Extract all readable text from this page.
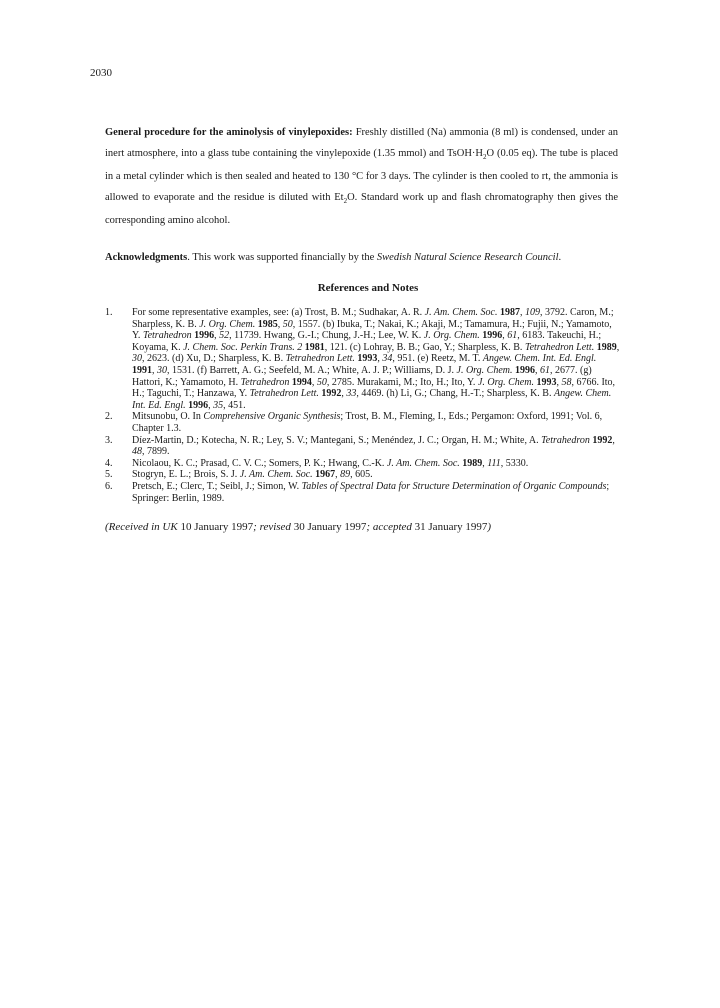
2030
General procedure for the aminolysis of vinylepoxides: Freshly distilled (Na) ammonia (8 ml) is condensed, under an inert atmosphere, into a glass tube containing the vinylepoxide (1.35 mmol) and $TsOH\cdot H_2O$ (0.05 eq). The tube is placed in a metal cylinder which is then sealed and heated to 130 °C for 3 days. The cylinder is then cooled to rt, the ammonia is allowed to evaporate and the residue is diluted with $Et_2O$. Standard work up and flash chromatography then gives the corresponding amino alcohol.
Acknowledgments. This work was supported financially by the Swedish Natural Science Research Council.
References and Notes
1.	For some representative examples, see: (a) Trost, B. M.; Sudhakar, A. R. J. Am. Chem. Soc. 1987, 109, 3792. Caron, M.; Sharpless, K. B. J. Org. Chem. 1985, 50, 1557. (b) Ibuka, T.; Nakai, K.; Akaji, M.; Tamamura, H.; Fujii, N.; Yamamoto, Y. Tetrahedron 1996, 52, 11739. Hwang, G.-I.; Chung, J.-H.; Lee, W. K. J. Org. Chem. 1996, 61, 6183. Takeuchi, H.; Koyama, K. J. Chem. Soc. Perkin Trans. 2 1981, 121. (c) Lohray, B. B.; Gao, Y.; Sharpless, K. B. Tetrahedron Lett. 1989, 30, 2623. (d) Xu, D.; Sharpless, K. B. Tetrahedron Lett. 1993, 34, 951. (e) Reetz, M. T. Angew. Chem. Int. Ed. Engl. 1991, 30, 1531. (f) Barrett, A. G.; Seefeld, M. A.; White, A. J. P.; Williams, D. J. J. Org. Chem. 1996, 61, 2677. (g) Hattori, K.; Yamamoto, H. Tetrahedron 1994, 50, 2785. Murakami, M.; Ito, H.; Ito, Y. J. Org. Chem. 1993, 58, 6766. Ito, H.; Taguchi, T.; Hanzawa, Y. Tetrahedron Lett. 1992, 33, 4469. (h) Li, G.; Chang, H.-T.; Sharpless, K. B. Angew. Chem. Int. Ed. Engl. 1996, 35, 451.
2.	Mitsunobu, O. In Comprehensive Organic Synthesis; Trost, B. M., Fleming, I., Eds.; Pergamon: Oxford, 1991; Vol. 6, Chapter 1.3.
3.	Díez-Martin, D.; Kotecha, N. R.; Ley, S. V.; Mantegani, S.; Menéndez, J. C.; Organ, H. M.; White, A. Tetrahedron 1992, 48, 7899.
4.	Nicolaou, K. C.; Prasad, C. V. C.; Somers, P. K.; Hwang, C.-K. J. Am. Chem. Soc. 1989, 111, 5330.
5.	Stogryn, E. L.; Brois, S. J. J. Am. Chem. Soc. 1967, 89, 605.
6.	Pretsch, E.; Clerc, T.; Seibl, J.; Simon, W. Tables of Spectral Data for Structure Determination of Organic Compounds; Springer: Berlin, 1989.
(Received in UK 10 January 1997; revised 30 January 1997; accepted 31 January 1997)
